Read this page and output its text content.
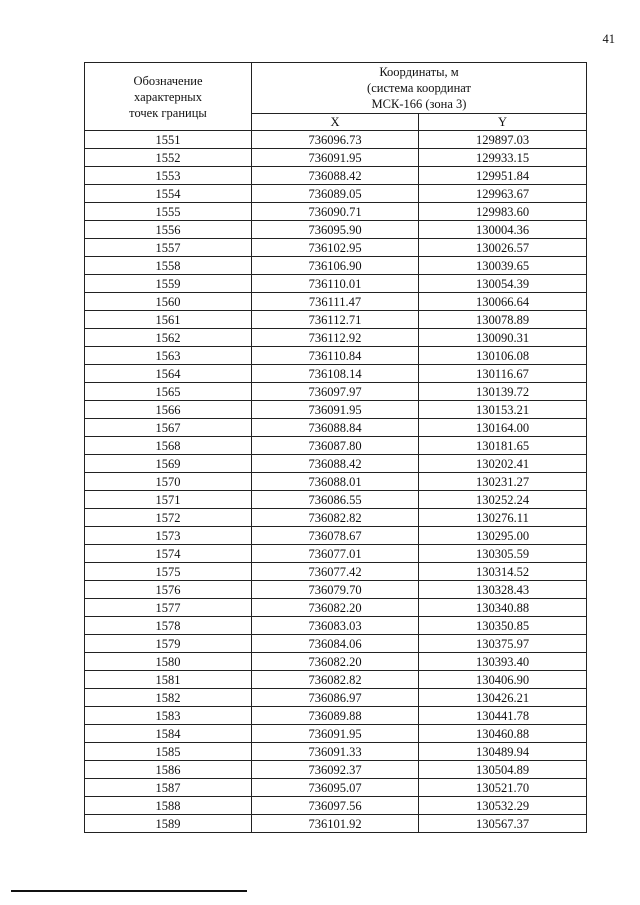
41
Обозначение
характерных
точек границы	Координаты, м
(система координат
МСК-166 (зона 3)	

	X	Y
1551	736096.73	129897.03
1552	736091.95	129933.15
1553	736088.42	129951.84
1554	736089.05	129963.67
1555	736090.71	129983.60
1556	736095.90	130004.36
1557	736102.95	130026.57
1558	736106.90	130039.65
1559	736110.01	130054.39
1560	736111.47	130066.64
1561	736112.71	130078.89
1562	736112.92	130090.31
1563	736110.84	130106.08
1564	736108.14	130116.67
1565	736097.97	130139.72
1566	736091.95	130153.21
1567	736088.84	130164.00
1568	736087.80	130181.65
1569	736088.42	130202.41
1570	736088.01	130231.27
1571	736086.55	130252.24
1572	736082.82	130276.11
1573	736078.67	130295.00
1574	736077.01	130305.59
1575	736077.42	130314.52
1576	736079.70	130328.43
1577	736082.20	130340.88
1578	736083.03	130350.85
1579	736084.06	130375.97
1580	736082.20	130393.40
1581	736082.82	130406.90
1582	736086.97	130426.21
1583	736089.88	130441.78
1584	736091.95	130460.88
1585	736091.33	130489.94
1586	736092.37	130504.89
1587	736095.07	130521.70
1588	736097.56	130532.29
1589	736101.92	130567.37
